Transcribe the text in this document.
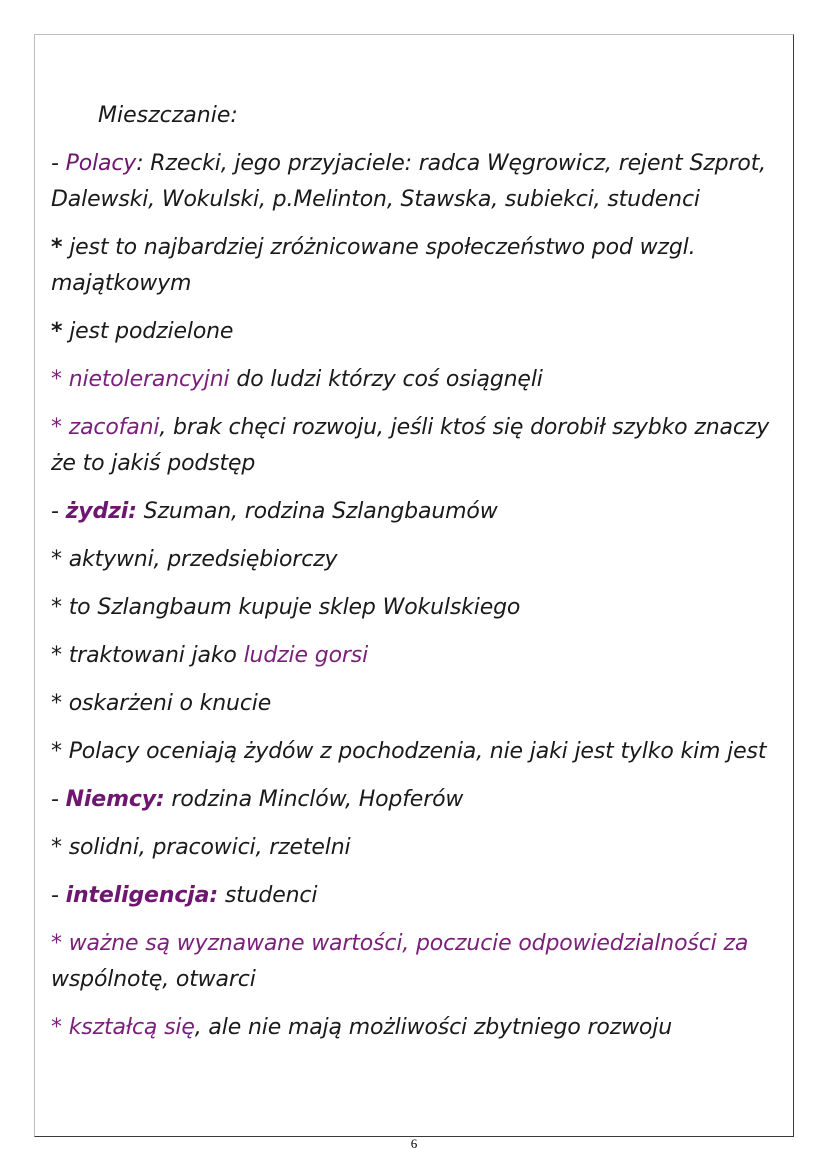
Mieszczanie:
- Polacy: Rzecki, jego przyjaciele: radca Węgrowicz, rejent Szprot,
Dalewski, Wokulski, p.Melinton, Stawska, subiekci, studenci
* jest to najbardziej zróżnicowane społeczeństwo pod wzgl.
majątkowym
* jest podzielone
* nietolerancyjni do ludzi którzy coś osiągnęli
* zacofani, brak chęci rozwoju, jeśli ktoś się dorobił szybko znaczy
że to jakiś podstęp
- żydzi: Szuman, rodzina Szlangbaumów
* aktywni, przedsiębiorczy
* to Szlangbaum kupuje sklep Wokulskiego
* traktowani jako ludzie gorsi
* oskarżeni o knucie
* Polacy oceniają żydów z pochodzenia, nie jaki jest tylko kim jest
- Niemcy: rodzina Minclów, Hopferów
* solidni, pracowici, rzetelni
- inteligencja: studenci
* ważne są wyznawane wartości, poczucie odpowiedzialności za
wspólnotę, otwarci
* kształcą się, ale nie mają możliwości zbytniego rozwoju
6
